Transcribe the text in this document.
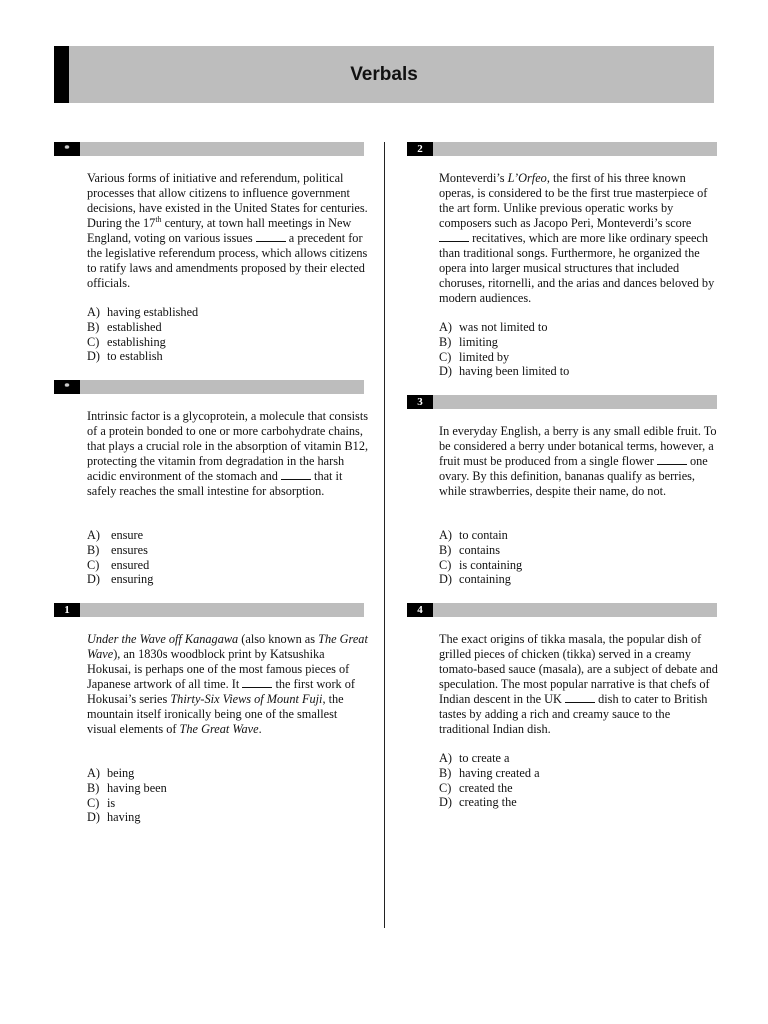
Verbals
*

Various forms of initiative and referendum, political processes that allow citizens to influence government decisions, have existed in the United States for centuries. During the 17th century, at town hall meetings in New England, voting on various issues  a precedent for the legislative referendum process, which allows citizens to ratify laws and amendments proposed by their elected officials.

A) having established
B) established
C) establishing
D) to establish
*

Intrinsic factor is a glycoprotein, a molecule that consists of a protein bonded to one or more carbohydrate chains, that plays a crucial role in the absorption of vitamin B12, protecting the vitamin from degradation in the harsh acidic environment of the stomach and  that it safely reaches the small intestine for absorption.

A) ensure
B) ensures
C) ensured
D) ensuring
1

Under the Wave off Kanagawa (also known as The Great Wave), an 1830s woodblock print by Katsushika Hokusai, is perhaps one of the most famous pieces of Japanese artwork of all time. It  the first work of Hokusai’s series Thirty-Six Views of Mount Fuji, the mountain itself ironically being one of the smallest visual elements of The Great Wave.

A) being
B) having been
C) is
D) having
2

Monteverdi’s L’Orfeo, the first of his three known operas, is considered to be the first true masterpiece of the art form. Unlike previous operatic works by composers such as Jacopo Peri, Monteverdi’s score  recitatives, which are more like ordinary speech than traditional songs. Furthermore, he organized the opera into larger musical structures that included choruses, ritornelli, and the arias and dances beloved by modern audiences.

A) was not limited to
B) limiting
C) limited by
D) having been limited to
3

In everyday English, a berry is any small edible fruit. To be considered a berry under botanical terms, however, a fruit must be produced from a single flower  one ovary. By this definition, bananas qualify as berries, while strawberries, despite their name, do not.

A) to contain
B) contains
C) is containing
D) containing
4

The exact origins of tikka masala, the popular dish of grilled pieces of chicken (tikka) served in a creamy tomato-based sauce (masala), are a subject of debate and speculation. The most popular narrative is that chefs of Indian descent in the UK  dish to cater to British tastes by adding a rich and creamy sauce to the traditional Indian dish.

A) to create a
B) having created a
C) created the
D) creating the
